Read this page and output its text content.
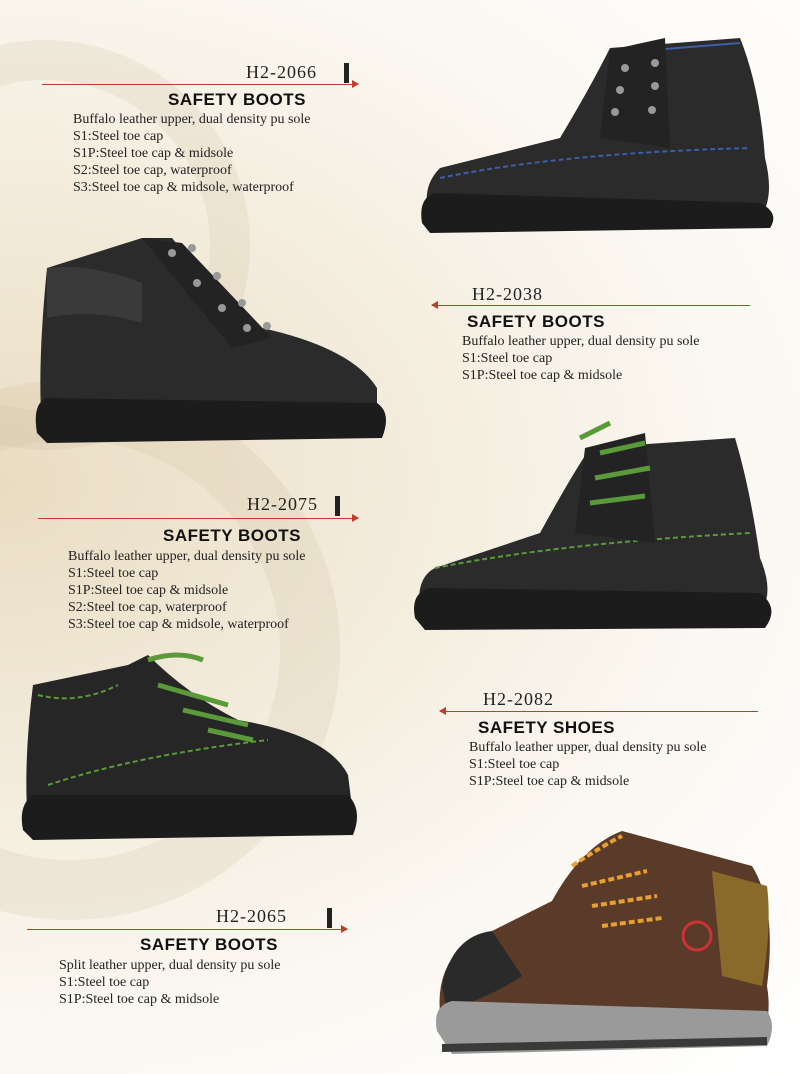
H2-2066
SAFETY BOOTS
Buffalo leather upper, dual density pu sole
S1:Steel toe cap
S1P:Steel toe cap & midsole
S2:Steel toe cap, waterproof
S3:Steel toe cap & midsole, waterproof
H2-2038
SAFETY BOOTS
Buffalo leather upper, dual density pu sole
S1:Steel toe cap
S1P:Steel toe cap & midsole
H2-2075
SAFETY BOOTS
Buffalo leather upper, dual density pu sole
S1:Steel toe cap
S1P:Steel toe cap & midsole
S2:Steel toe cap, waterproof
S3:Steel toe cap & midsole, waterproof
H2-2082
SAFETY SHOES
Buffalo leather upper, dual density pu sole
S1:Steel toe cap
S1P:Steel toe cap & midsole
H2-2065
SAFETY BOOTS
Split leather upper, dual density pu sole
S1:Steel toe cap
S1P:Steel toe cap & midsole
